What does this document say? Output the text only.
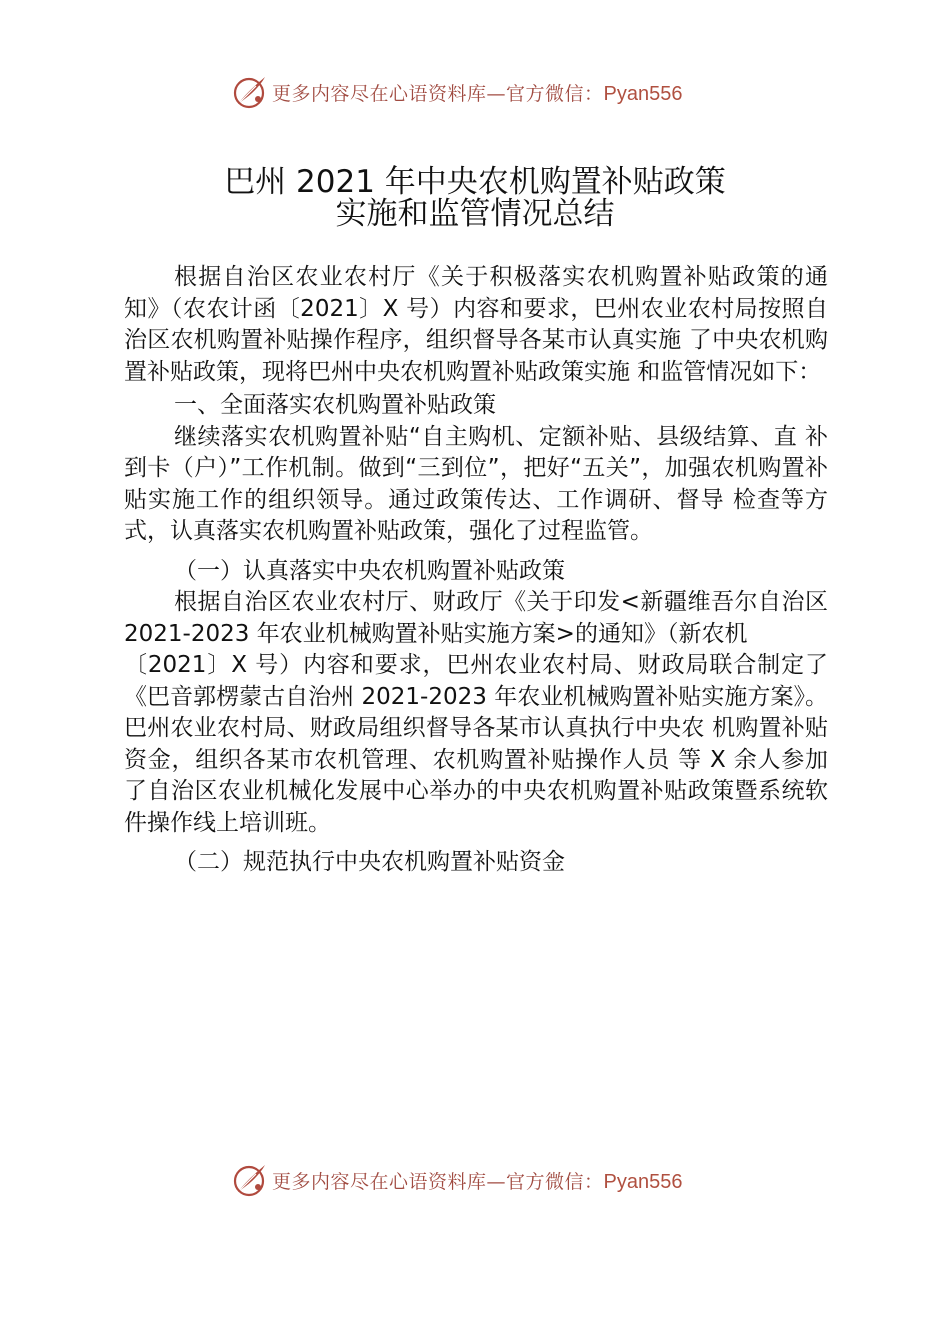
更多内容尽在心语资料库—官方微信：Pyan556
巴州 2021 年中央农机购置补贴政策
实施和监管情况总结

根据自治区农业农村厅《关于积极落实农机购置补贴政策的通知》（农农计函〔2021〕X 号）内容和要求，巴州农业农村局按照自治区农机购置补贴操作程序，组织督导各某市认真实施 了中央农机购置补贴政策，现将巴州中央农机购置补贴政策实施 和监管情况如下：

一、全面落实农机购置补贴政策

继续落实农机购置补贴“自主购机、定额补贴、县级结算、直 补到卡（户）”工作机制。做到“三到位”，把好“五关”，加强农机购置补贴实施工作的组织领导。通过政策传达、工作调研、督导 检查等方式，认真落实农机购置补贴政策，强化了过程监管。

（一）认真落实中央农机购置补贴政策

根据自治区农业农村厅、财政厅《关于印发<新疆维吾尔自治区 2021-2023 年农业机械购置补贴实施方案>的通知》（新农机

〔2021〕X 号）内容和要求，巴州农业农村局、财政局联合制定了《巴音郭楞蒙古自治州 2021-2023 年农业机械购置补贴实施方案》。巴州农业农村局、财政局组织督导各某市认真执行中央农 机购置补贴资金，组织各某市农机管理、农机购置补贴操作人员 等 X 余人参加了自治区农业机械化发展中心举办的中央农机购置补贴政策暨系统软件操作线上培训班。

（二）规范执行中央农机购置补贴资金

更多内容尽在心语资料库—官方微信：Pyan556
